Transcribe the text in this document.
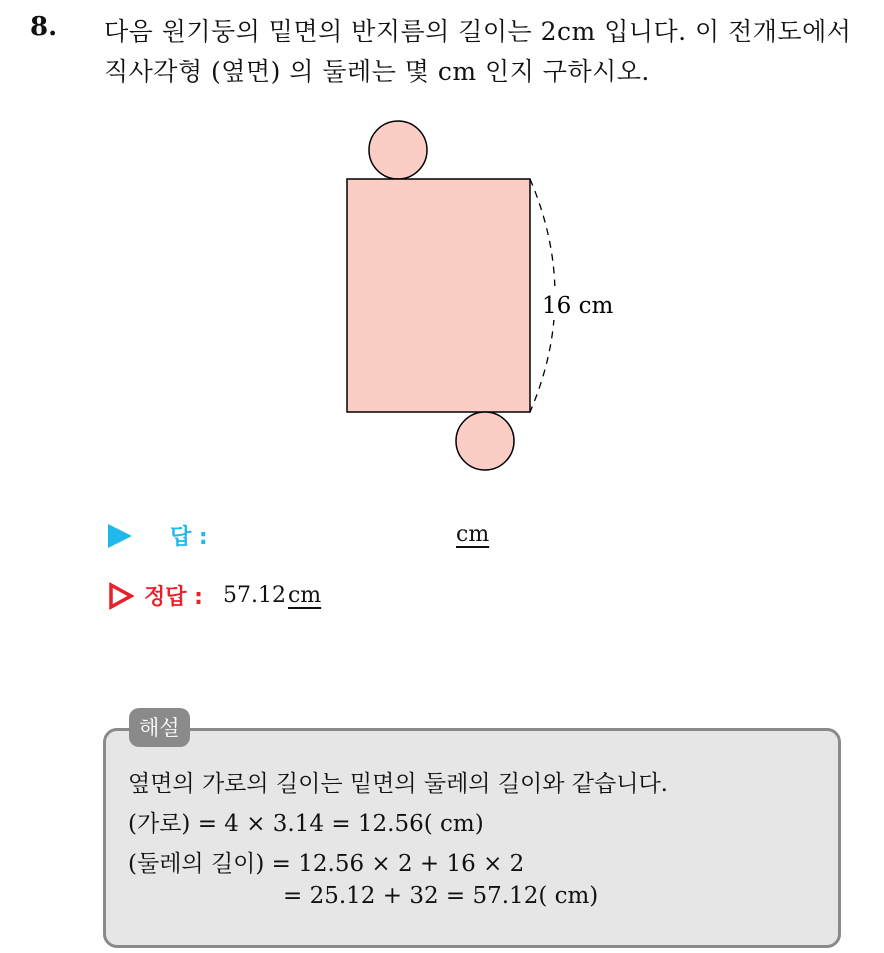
8. 다음 원기둥의 밑면의 반지름의 길이는 2cm 입니다. 이 전개도에서
직사각형 (옆면) 의 둘레는 몇 cm 인지 구하시오.
16 cm
답 :	cm
정답 : 57.12 cm
해설
옆면의 가로의 길이는 밑면의 둘레의 길이와 같습니다.
(가로) = 4 × 3.14 = 12.56( cm)
(둘레의 길이) = 12.56 × 2 + 16 × 2
= 25.12 + 32 = 57.12( cm)
